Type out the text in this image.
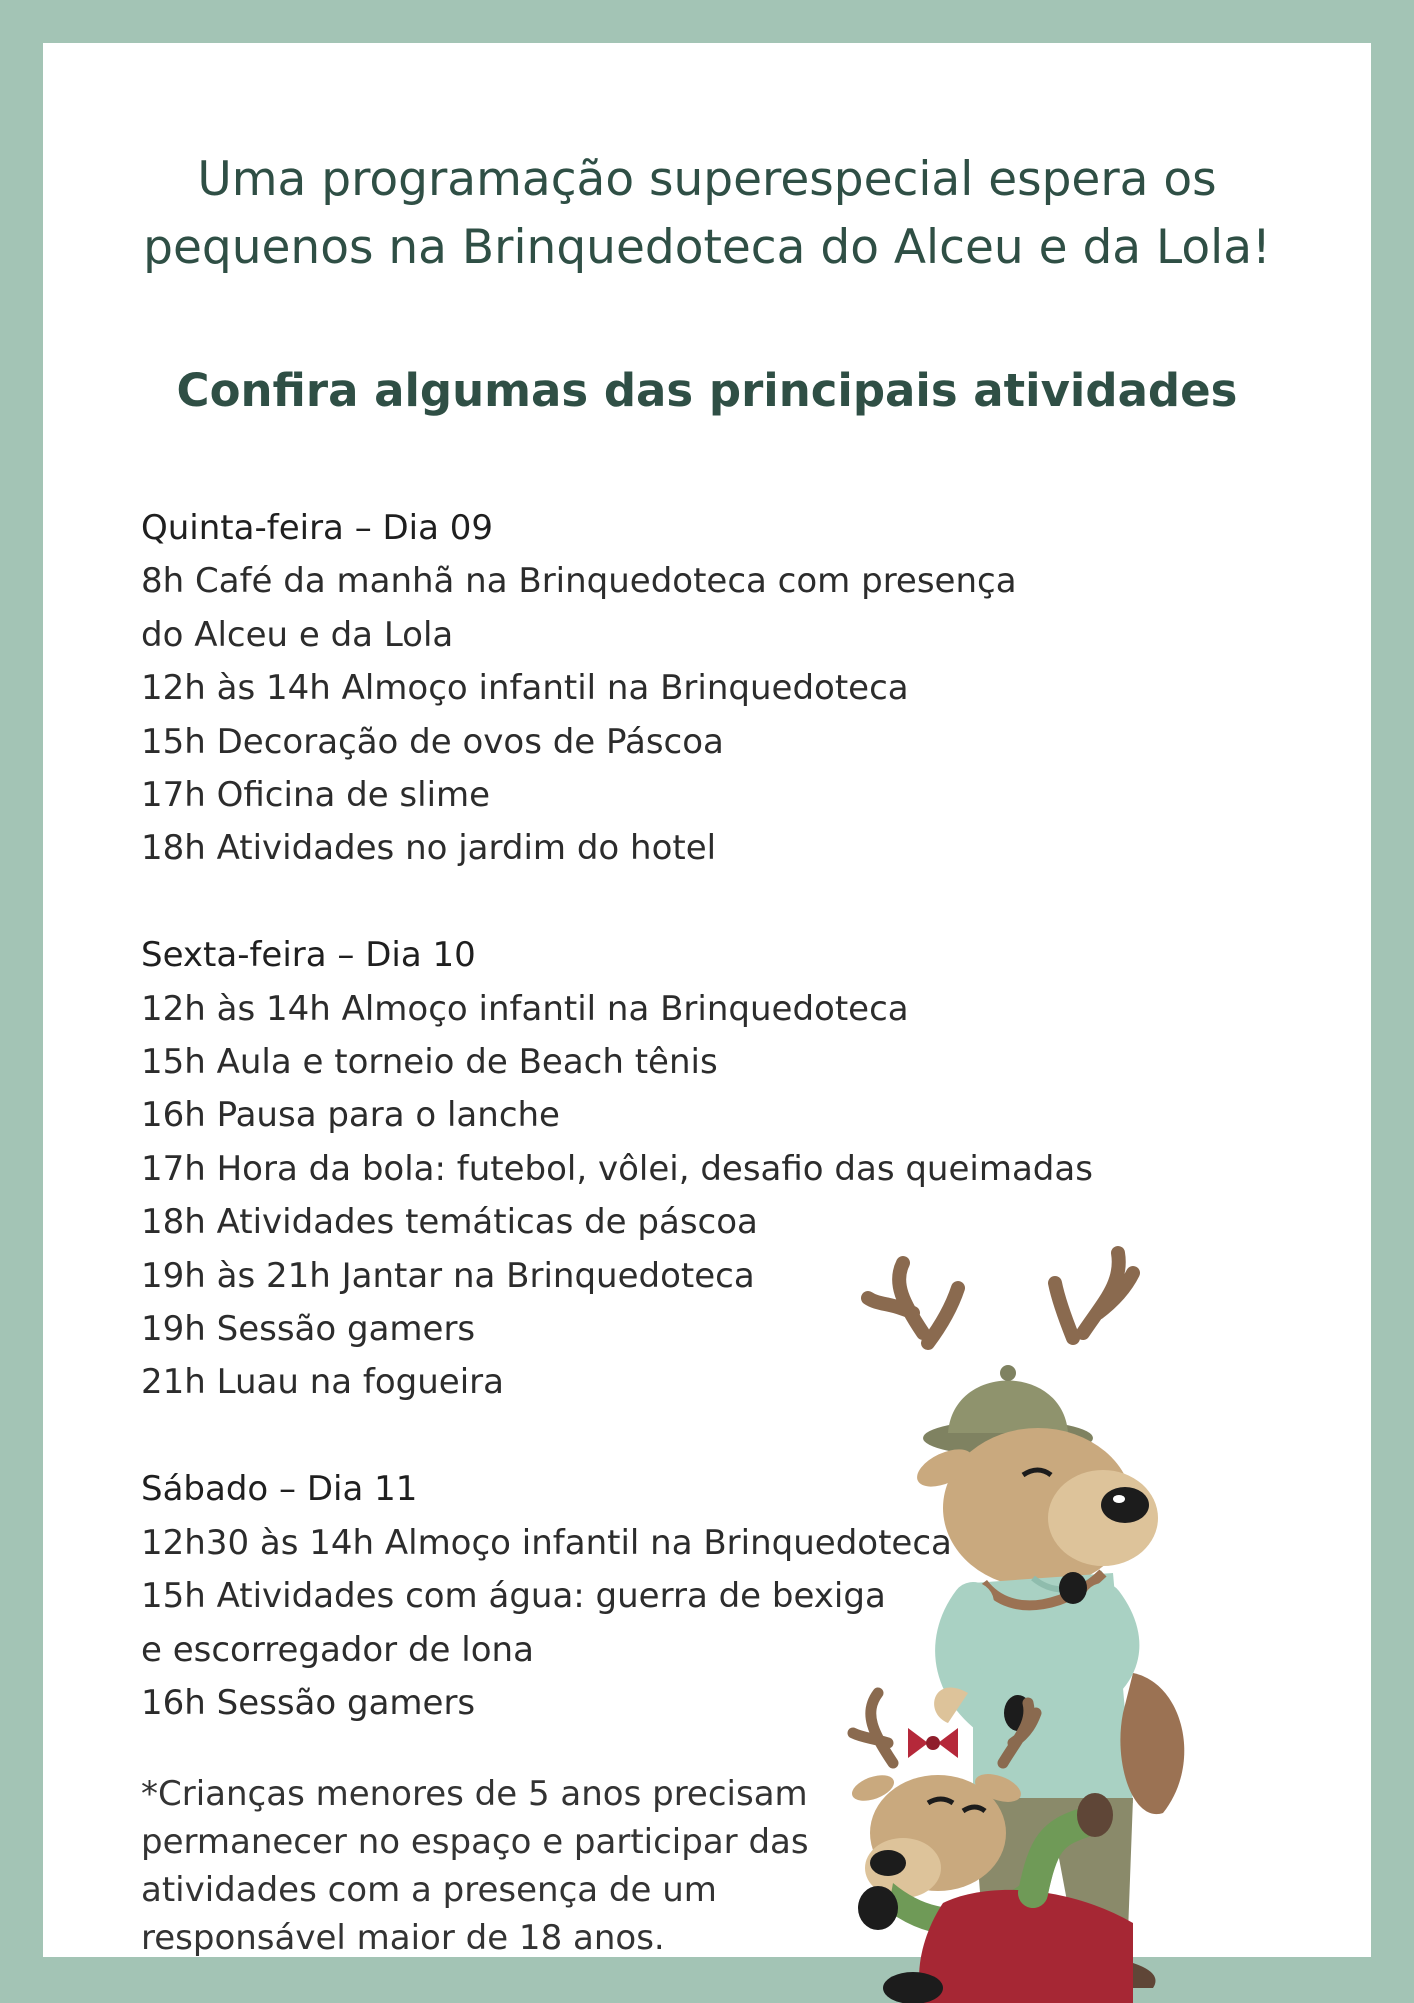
Uma programação superespecial espera os
pequenos na Brinquedoteca do Alceu e da Lola!
Confira algumas das principais atividades
Quinta-feira – Dia 09
8h Café da manhã na Brinquedoteca com presença
do Alceu e da Lola
12h às 14h Almoço infantil na Brinquedoteca
15h Decoração de ovos de Páscoa
17h Oficina de slime
18h Atividades no jardim do hotel
Sexta-feira – Dia 10
12h às 14h Almoço infantil na Brinquedoteca
15h Aula e torneio de Beach tênis
16h Pausa para o lanche
17h Hora da bola: futebol, vôlei, desafio das queimadas
18h Atividades temáticas de páscoa
19h às 21h Jantar na Brinquedoteca
19h Sessão gamers
21h Luau na fogueira
Sábado – Dia 11
12h30 às 14h Almoço infantil na Brinquedoteca
15h Atividades com água: guerra de bexiga
e escorregador de lona
16h Sessão gamers
*Crianças menores de 5 anos precisam
permanecer no espaço e participar das
atividades com a presença de um
responsável maior de 18 anos.
